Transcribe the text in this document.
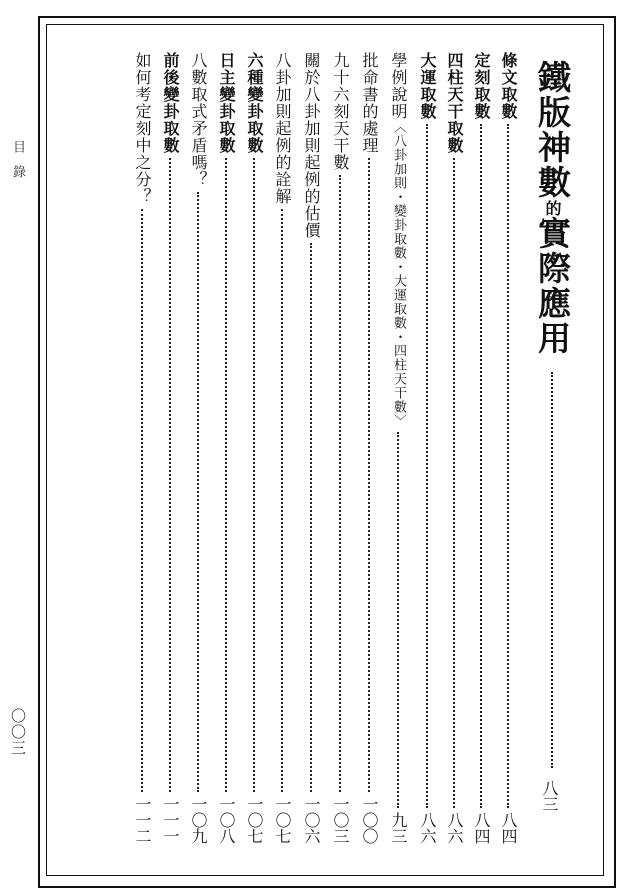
目錄
〇〇三
鐵版神數的實際應用
八三
條文取數
八四
定刻取數
八四
四柱天干取數
八六
大運取數
八六
學例說明
〈八卦加則・變卦取數・大運取數・四柱天干數〉
九三
批命書的處理
一〇〇
九十六刻天干數
一〇三
關於八卦加則起例的估價
一〇六
八卦加則起例的詮解
一〇七
六種變卦取數
一〇七
日主變卦取數
一〇八
八數取式矛盾嗎？
一〇九
前後變卦取數
一一一
如何考定刻中之分？
一一二
